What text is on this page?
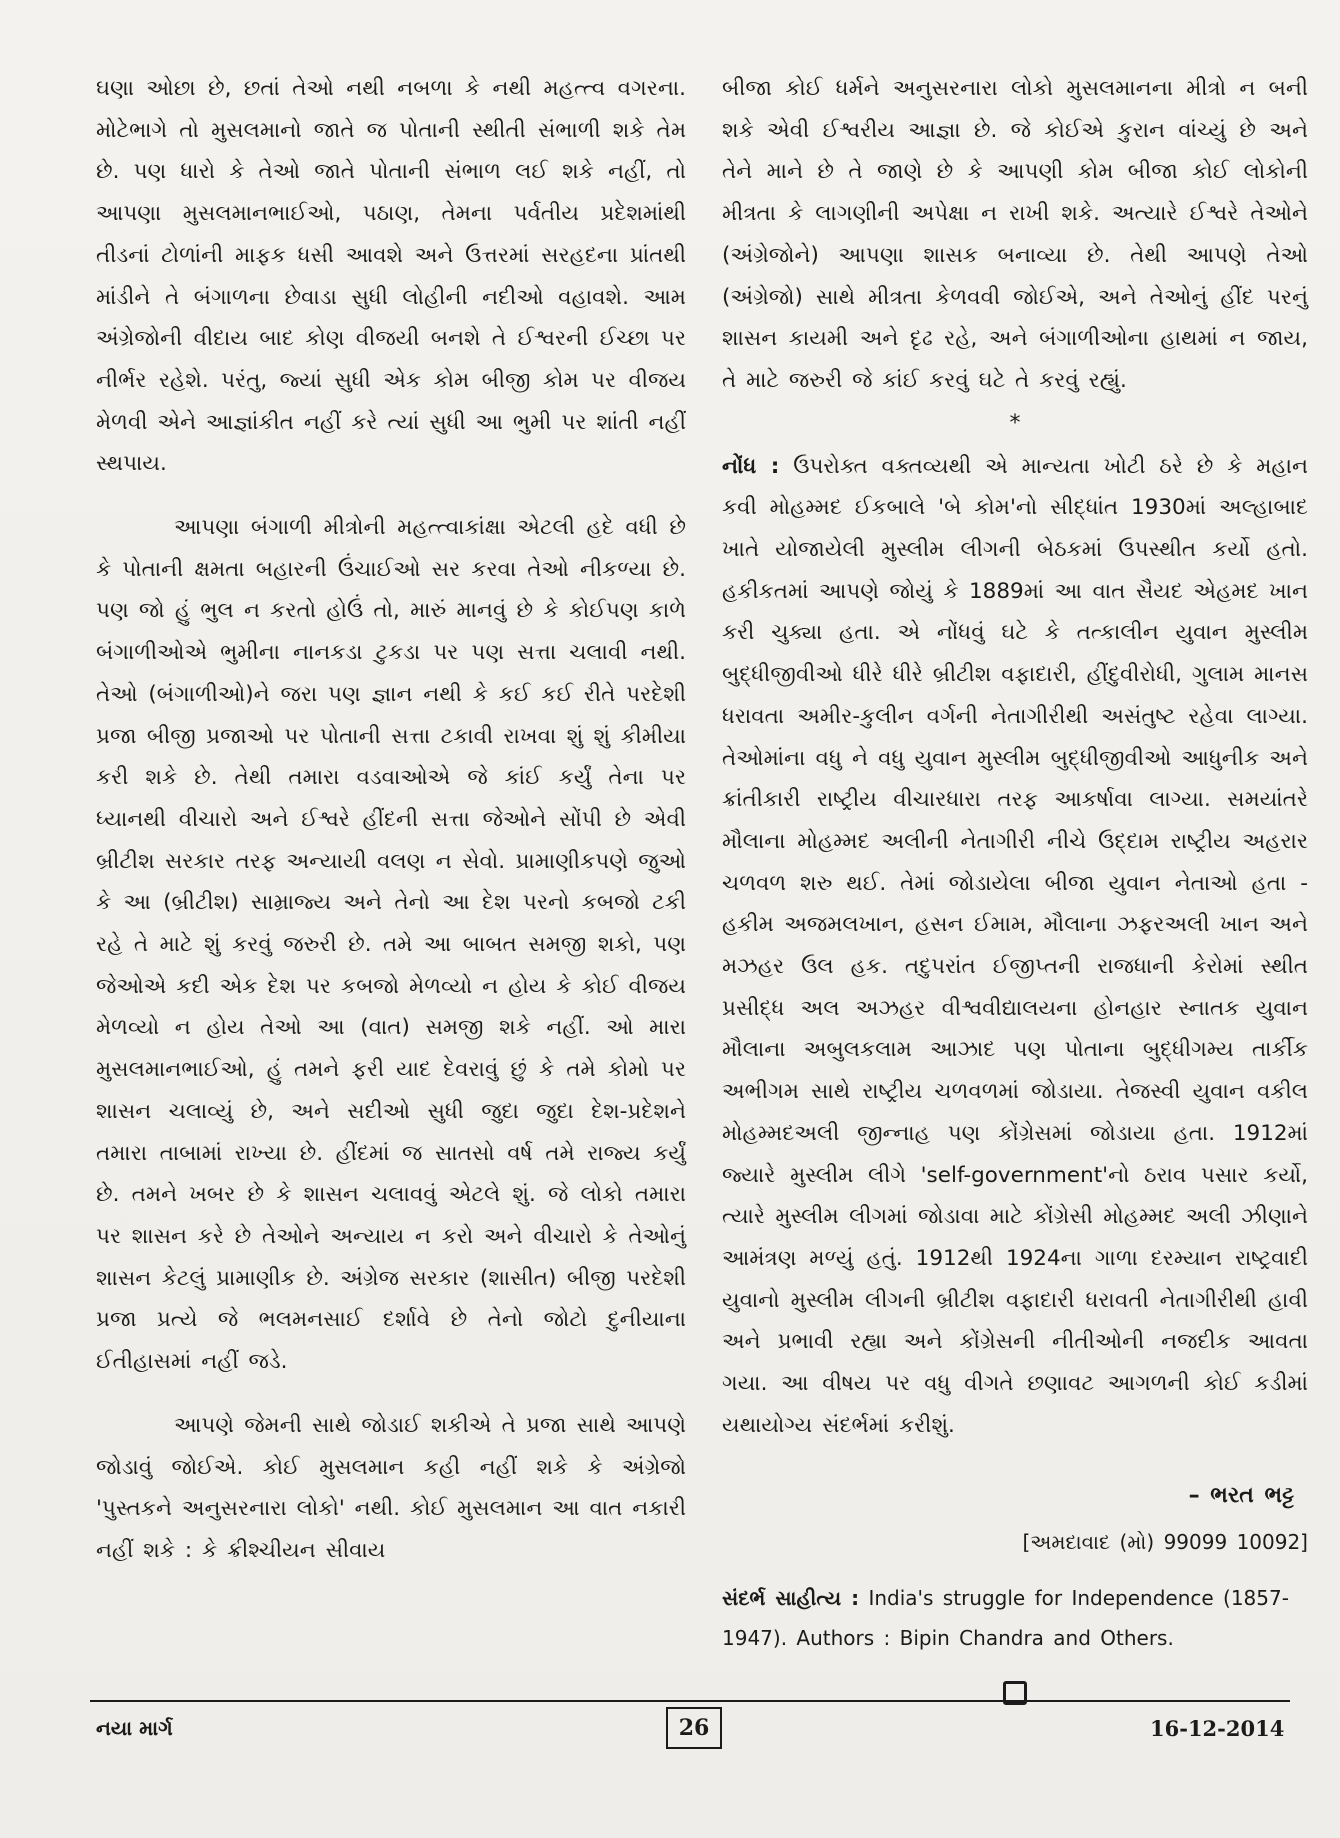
ઘણા ઓછા છે, છતાં તેઓ નથી નબળા કે નથી મહત્ત્વ વગરના. મોટેભાગે તો મુસલમાનો જાતે જ પોતાની સ્થીતી સંભાળી શકે તેમ છે. પણ ધારો કે તેઓ જાતે પોતાની સંભાળ લઈ શકે નહીં, તો આપણા મુસલમાનભાઈઓ, પઠાણ, તેમના પર્વતીય પ્રદેશમાંથી તીડનાં ટોળાંની માફક ધસી આવશે અને ઉત્તરમાં સરહદના પ્રાંતથી માંડીને તે બંગાળના છેવાડા સુધી લોહીની નદીઓ વહાવશે. આમ અંગ્રેજોની વીદાય બાદ કોણ વીજયી બનશે તે ઈશ્વરની ઈચ્છા પર નીર્ભર રહેશે. પરંતુ, જ્યાં સુધી એક કોમ બીજી કોમ પર વીજય મેળવી એને આજ્ઞાંકીત નહીં કરે ત્યાં સુધી આ ભુમી પર શાંતી નહીં સ્થપાય.

આપણા બંગાળી મીત્રોની મહત્ત્વાકાંક્ષા એટલી હદે વધી છે કે પોતાની ક્ષમતા બહારની ઉંચાઈઓ સર કરવા તેઓ નીકળ્યા છે. પણ જો હું ભુલ ન કરતો હોઉં તો, મારું માનવું છે કે કોઈપણ કાળે બંગાળીઓએ ભુમીના નાનકડા ટુકડા પર પણ સત્તા ચલાવી નથી. તેઓ (બંગાળીઓ)ને જરા પણ જ્ઞાન નથી કે કઈ કઈ રીતે પરદેશી પ્રજા બીજી પ્રજાઓ પર પોતાની સત્તા ટકાવી રાખવા શું શું કીમીયા કરી શકે છે. તેથી તમારા વડવાઓએ જે કાંઈ કર્યું તેના પર ધ્યાનથી વીચારો અને ઈશ્વરે હીંદની સત્તા જેઓને સોંપી છે એવી બ્રીટીશ સરકાર તરફ અન્યાયી વલણ ન સેવો. પ્રામાણીકપણે જુઓ કે આ (બ્રીટીશ) સામ્રાજ્ય અને તેનો આ દેશ પરનો કબજો ટકી રહે તે માટે શું કરવું જરુરી છે. તમે આ બાબત સમજી શકો, પણ જેઓએ કદી એક દેશ પર કબજો મેળવ્યો ન હોય કે કોઈ વીજય મેળવ્યો ન હોય તેઓ આ (વાત) સમજી શકે નહીં. ઓ મારા મુસલમાનભાઈઓ, હું તમને ફરી યાદ દેવરાવું છું કે તમે કોમો પર શાસન ચલાવ્યું છે, અને સદીઓ સુધી જુદા જુદા દેશ-પ્રદેશને તમારા તાબામાં રાખ્યા છે. હીંદમાં જ સાતસો વર્ષ તમે રાજ્ય કર્યું છે. તમને ખબર છે કે શાસન ચલાવવું એટલે શું. જે લોકો તમારા પર શાસન કરે છે તેઓને અન્યાય ન કરો અને વીચારો કે તેઓનું શાસન કેટલું પ્રામાણીક છે. અંગ્રેજ સરકાર (શાસીત) બીજી પરદેશી પ્રજા પ્રત્યે જે ભલમનસાઈ દર્શાવે છે તેનો જોટો દુનીયાના ઈતીહાસમાં નહીં જડે.

આપણે જેમની સાથે જોડાઈ શકીએ તે પ્રજા સાથે આપણે જોડાવું જોઈએ. કોઈ મુસલમાન કહી નહીં શકે કે અંગ્રેજો 'પુસ્તકને અનુસરનારા લોકો' નથી. કોઈ મુસલમાન આ વાત નકારી નહીં શકે : કે ક્રીશ્ચીયન સીવાય

બીજા કોઈ ધર્મને અનુસરનારા લોકો મુસલમાનના મીત્રો ન બની શકે એવી ઈશ્વરીય આજ્ઞા છે. જે કોઈએ કુરાન વાંચ્યું છે અને તેને માને છે તે જાણે છે કે આપણી કોમ બીજા કોઈ લોકોની મીત્રતા કે લાગણીની અપેક્ષા ન રાખી શકે. અત્યારે ઈશ્વરે તેઓને (અંગ્રેજોને) આપણા શાસક બનાવ્યા છે. તેથી આપણે તેઓ (અંગ્રેજો) સાથે મીત્રતા કેળવવી જોઈએ, અને તેઓનું હીંદ પરનું શાસન કાયમી અને દૃઢ રહે, અને બંગાળીઓના હાથમાં ન જાય, તે માટે જરુરી જે કાંઈ કરવું ઘટે તે કરવું રહ્યું.

*

નોંધ : ઉપરોક્ત વક્તવ્યથી એ માન્યતા ખોટી ઠરે છે કે મહાન કવી મોહમ્મદ ઈકબાલે 'બે કોમ'નો સીદ્ધાંત 1930માં અલ્હાબાદ ખાતે યોજાયેલી મુસ્લીમ લીગની બેઠકમાં ઉપસ્થીત કર્યો હતો. હકીકતમાં આપણે જોયું કે 1889માં આ વાત સૈયદ એહમદ ખાન કરી ચુક્યા હતા. એ નોંધવું ઘટે કે તત્કાલીન યુવાન મુસ્લીમ બુદ્ધીજીવીઓ ધીરે ધીરે બ્રીટીશ વફાદારી, હીંદુવીરોધી, ગુલામ માનસ ધરાવતા અમીર-કુલીન વર્ગની નેતાગીરીથી અસંતુષ્ટ રહેવા લાગ્યા. તેઓમાંના વધુ ને વધુ યુવાન મુસ્લીમ બુદ્ધીજીવીઓ આધુનીક અને ક્રાંતીકારી રાષ્ટ્રીય વીચારધારા તરફ આકર્ષાવા લાગ્યા. સમયાંતરે મૌલાના મોહમ્મદ અલીની નેતાગીરી નીચે ઉદ્દામ રાષ્ટ્રીય અહરાર ચળવળ શરુ થઈ. તેમાં જોડાયેલા બીજા યુવાન નેતાઓ હતા - હકીમ અજમલખાન, હસન ઈમામ, મૌલાના ઝફરઅલી ખાન અને મઝહર ઉલ હક. તદુપરાંત ઈજીપ્તની રાજધાની કેરોમાં સ્થીત પ્રસીદ્ધ અલ અઝહર વીશ્વવીદ્યાલયના હોનહાર સ્નાતક યુવાન મૌલાના અબુલકલામ આઝાદ પણ પોતાના બુદ્ધીગમ્ય તાર્કીક અભીગમ સાથે રાષ્ટ્રીય ચળવળમાં જોડાયા. તેજસ્વી યુવાન વકીલ મોહમ્મદઅલી જીન્નાહ પણ કોંગ્રેસમાં જોડાયા હતા. 1912માં જ્યારે મુસ્લીમ લીગે 'self-government'નો ઠરાવ પસાર કર્યો, ત્યારે મુસ્લીમ લીગમાં જોડાવા માટે કોંગ્રેસી મોહમ્મદ અલી ઝીણાને આમંત્રણ મળ્યું હતું. 1912થી 1924ના ગાળા દરમ્યાન રાષ્ટ્રવાદી યુવાનો મુસ્લીમ લીગની બ્રીટીશ વફાદારી ધરાવતી નેતાગીરીથી હાવી અને પ્રભાવી રહ્યા અને કોંગ્રેસની નીતીઓની નજદીક આવતા ગયા. આ વીષય પર વધુ વીગતે છણાવટ આગળની કોઈ કડીમાં યથાયોગ્ય સંદર્ભમાં કરીશું.

– ભરત ભટ્ટ

[અમદાવાદ (મો) 99099 10092]

સંદર્ભ સાહીત્ય : India's struggle for Independence (1857-1947). Authors : Bipin Chandra and Others.

નયા માર્ગ	26	16-12-2014
